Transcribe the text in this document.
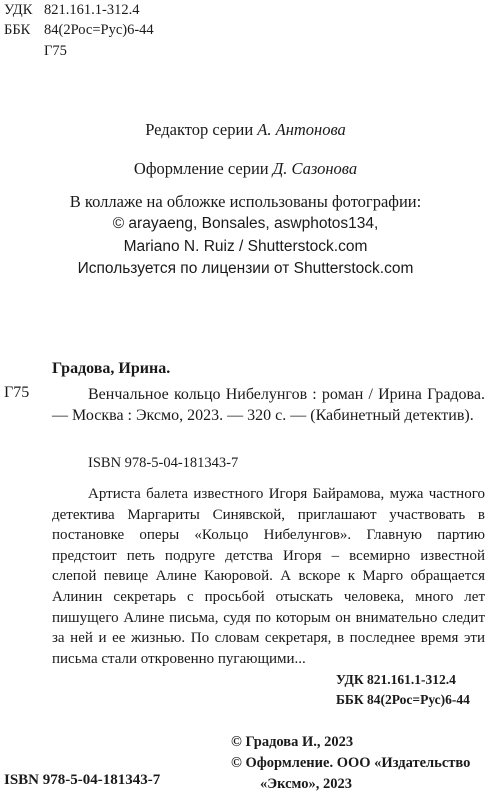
УДК 821.161.1-312.4
ББК 84(2Рос=Рус)6-44
Г75
Редактор серии А. Антонова
Оформление серии Д. Сазонова
В коллаже на обложке использованы фотографии:
© arayaeng, Bonsales, aswphotos134,
Mariano N. Ruiz / Shutterstock.com
Используется по лицензии от Shutterstock.com
Градова, Ирина.
Г75	Венчальное кольцо Нибелунгов : роман / Ирина Градова. — Москва : Эксмо, 2023. — 320 с. — (Кабинетный детектив).
ISBN 978-5-04-181343-7
Артиста балета известного Игоря Байрамова, мужа частного детектива Маргариты Синявской, приглашают участвовать в постановке оперы «Кольцо Нибелунгов». Главную партию предстоит петь подруге детства Игоря – всемирно известной слепой певице Алине Каюровой. А вскоре к Марго обращается Алинин секретарь с просьбой отыскать человека, много лет пишущего Алине письма, судя по которым он внимательно следит за ней и ее жизнью. По словам секретаря, в последнее время эти письма стали откровенно пугающими...
УДК 821.161.1-312.4
ББК 84(2Рос=Рус)6-44
© Градова И., 2023
© Оформление. ООО «Издательство
«Эксмо», 2023
ISBN 978-5-04-181343-7
